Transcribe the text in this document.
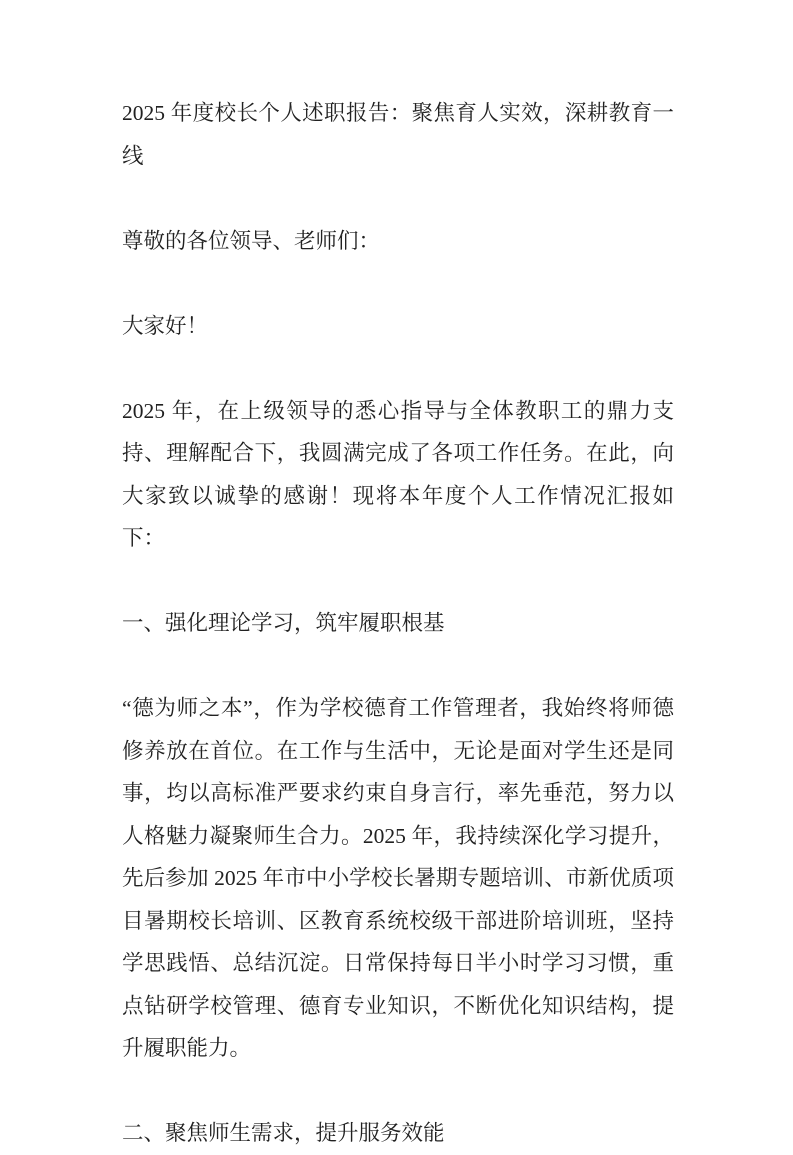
2025 年度校长个人述职报告：聚焦育人实效，深耕教育一线

尊敬的各位领导、老师们：

大家好！

2025 年，在上级领导的悉心指导与全体教职工的鼎力支持、理解配合下，我圆满完成了各项工作任务。在此，向大家致以诚挚的感谢！现将本年度个人工作情况汇报如下：

一、强化理论学习，筑牢履职根基

“德为师之本”，作为学校德育工作管理者，我始终将师德修养放在首位。在工作与生活中，无论是面对学生还是同事，均以高标准严要求约束自身言行，率先垂范，努力以人格魅力凝聚师生合力。2025 年，我持续深化学习提升，先后参加 2025 年市中小学校长暑期专题培训、市新优质项目暑期校长培训、区教育系统校级干部进阶培训班，坚持学思践悟、总结沉淀。日常保持每日半小时学习习惯，重点钻研学校管理、德育专业知识，不断优化知识结构，提升履职能力。

二、聚焦师生需求，提升服务效能
